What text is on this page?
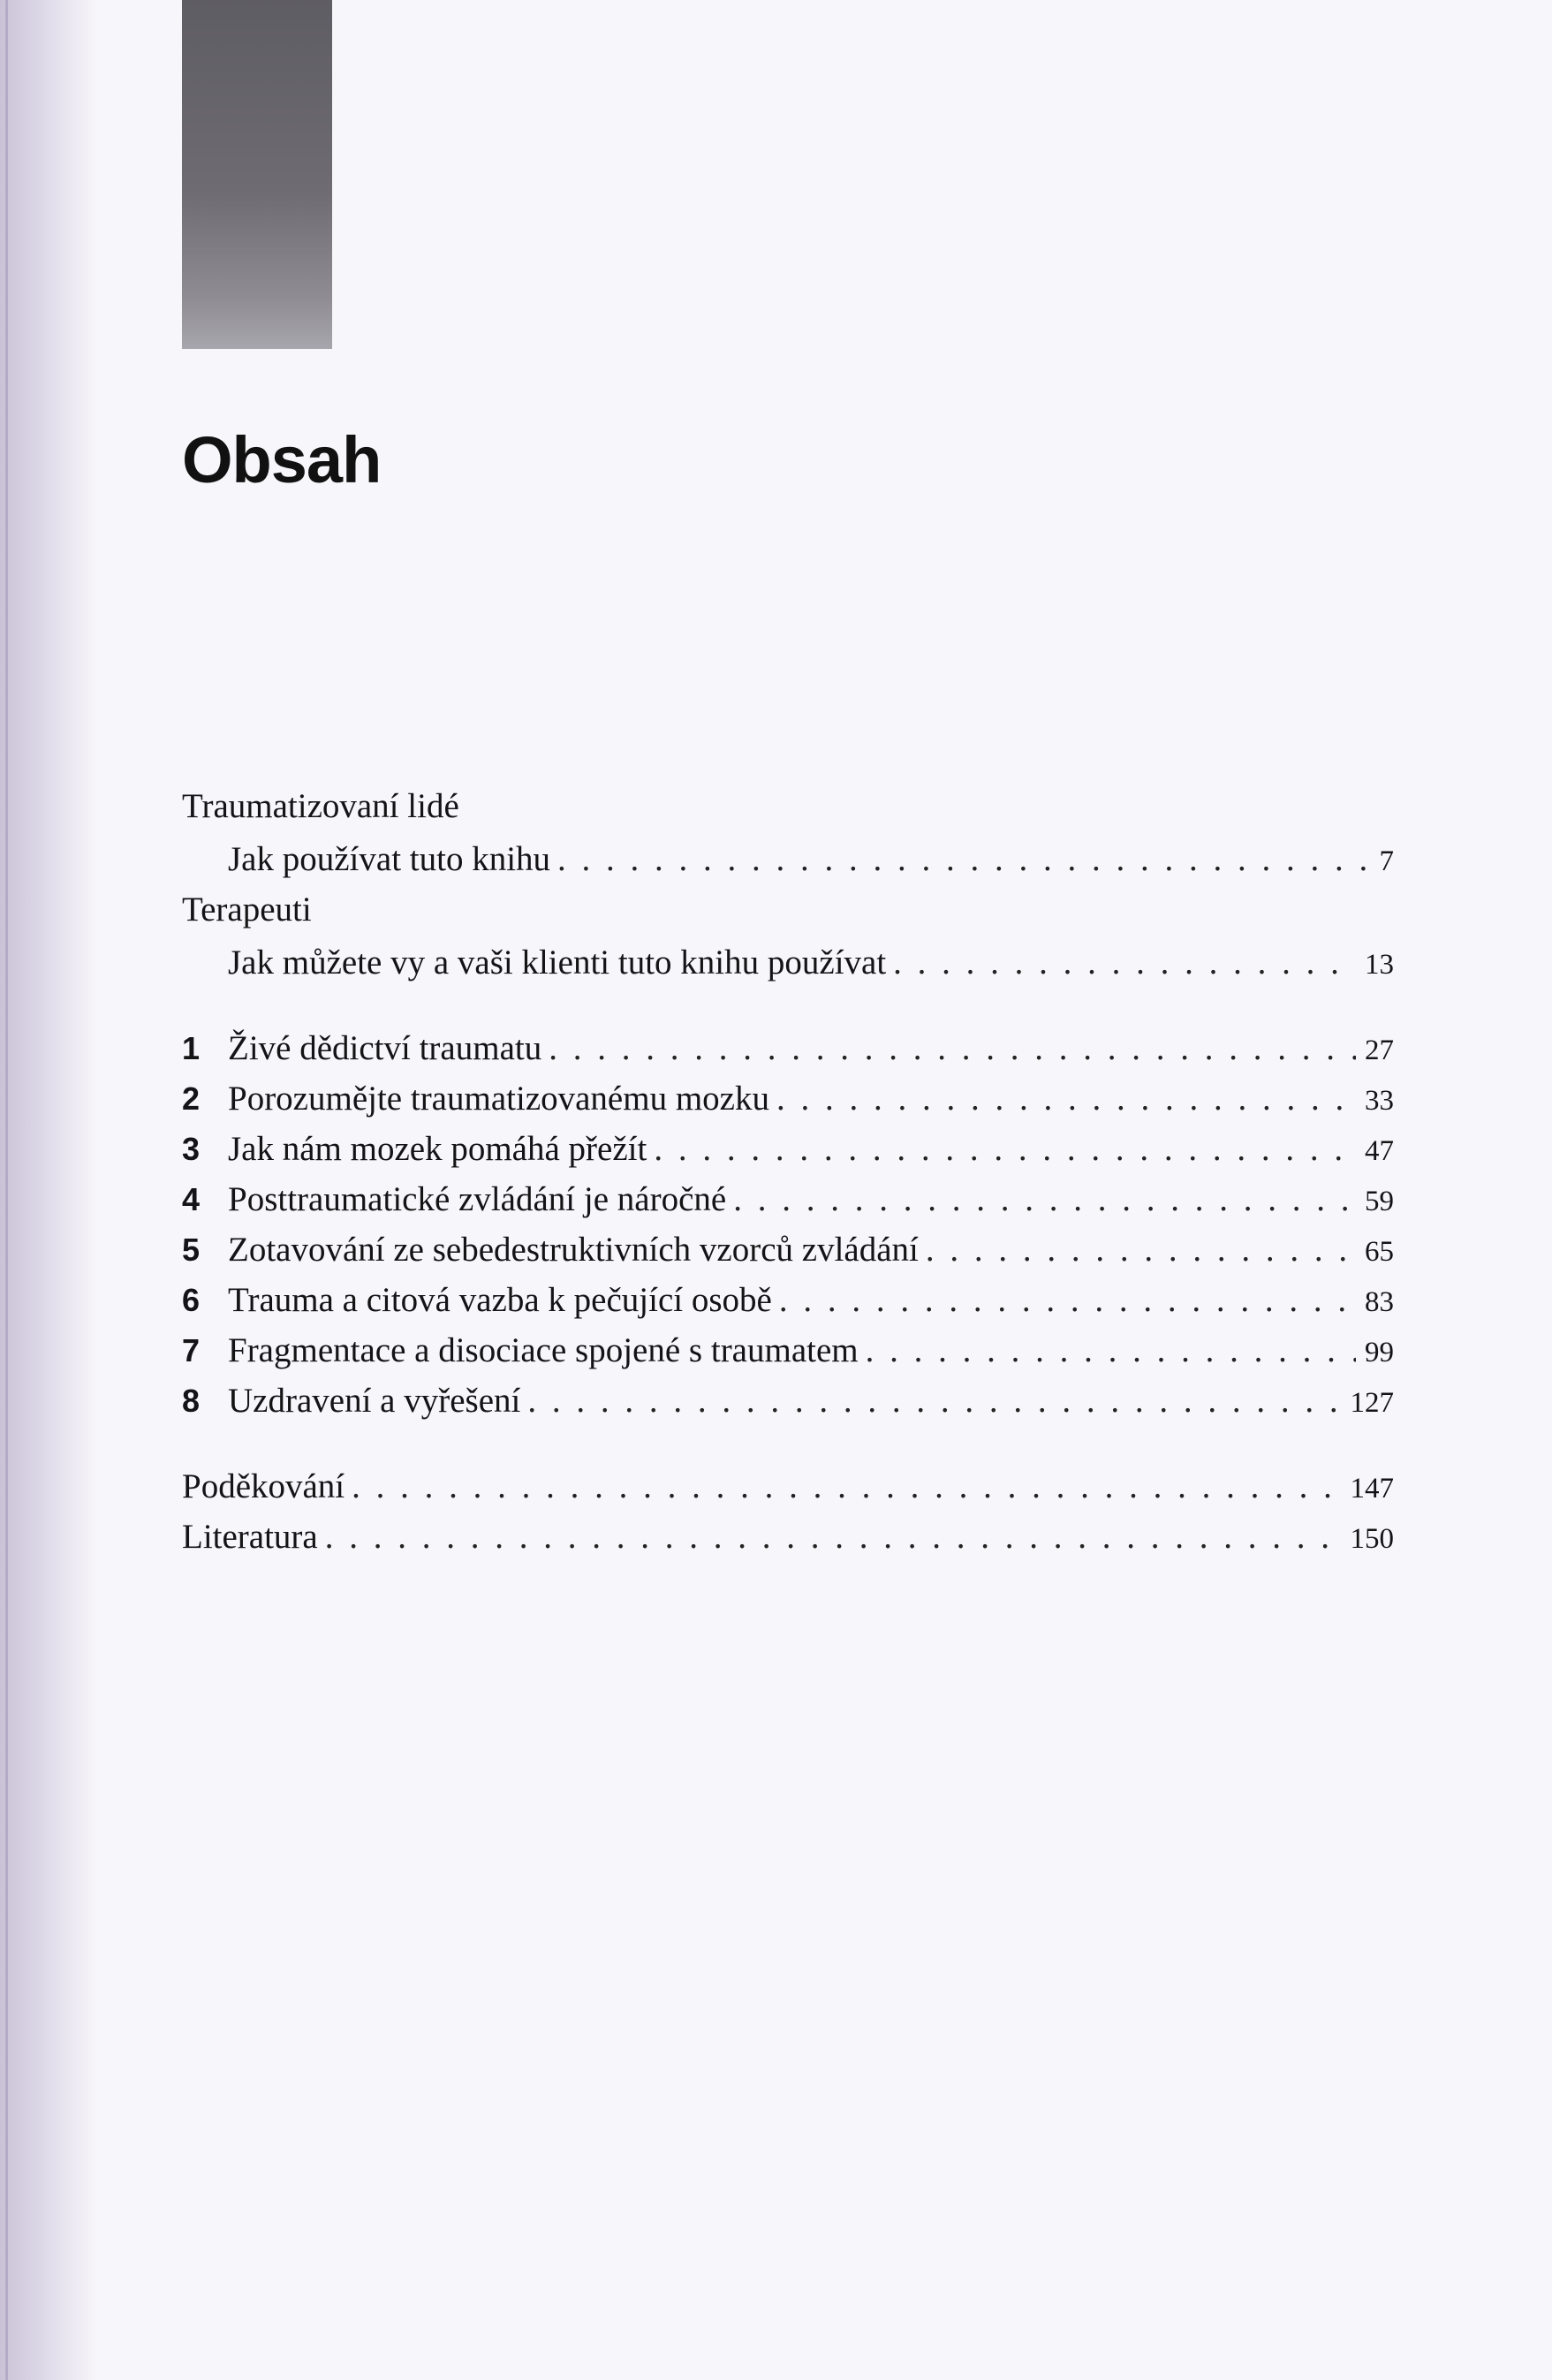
Obsah
Traumatizovaní lidé
Jak používat tuto knihu . . .	7
Terapeuti
Jak můžete vy a vaši klienti tuto knihu používat . . .	13
1 Živé dědictví traumatu . . .	27
2 Porozumějte traumatizovanému mozku . . .	33
3 Jak nám mozek pomáhá přežít . . .	47
4 Posttraumatické zvládání je náročné . . .	59
5 Zotavování ze sebedestruktivních vzorců zvládání . . .	65
6 Trauma a citová vazba k pečující osobě . . .	83
7 Fragmentace a disociace spojené s traumatem . . .	99
8 Uzdravení a vyřešení . . .	127
Poděkování . . .	147
Literatura . . .	150
